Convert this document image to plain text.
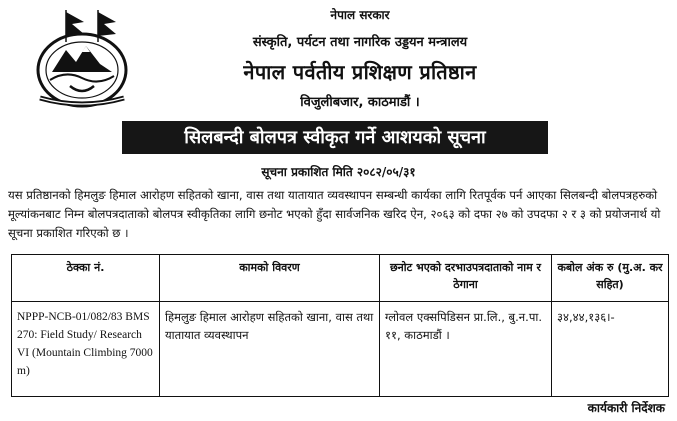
नेपाल सरकार
संस्कृति, पर्यटन तथा नागरिक उड्डयन मन्त्रालय
नेपाल पर्वतीय प्रशिक्षण प्रतिष्ठान
विजुलीबजार, काठमाडौं ।
सिलबन्दी बोलपत्र स्वीकृत गर्ने आशयको सूचना
सूचना प्रकाशित मिति २०८२/०५/३१

यस प्रतिष्ठानको हिमलुङ हिमाल आरोहण सहितको खाना, वास तथा यातायात व्यवस्थापन सम्बन्धी कार्यका लागि रितपूर्वक पर्न आएका सिलबन्दी बोलपत्रहरुको मूल्यांकनबाट निम्न बोलपत्रदाताको बोलपत्र स्वीकृतिका लागि छनोट भएको हुँदा सार्वजनिक खरिद ऐन, २०६३ को दफा २७ को उपदफा २ र ३ को प्रयोजनार्थ यो सूचना प्रकाशित गरिएको छ ।

ठेक्का नं.	कामको विवरण	छनोट भएको दरभाउपत्रदाताको नाम र ठेगाना	कबोल अंक रु (मु.अ. कर सहित)
NPPP-NCB-01/082/83 BMS 270: Field Study/ Research VI (Mountain Climbing 7000 m)	हिमलुङ हिमाल आरोहण सहितको खाना, वास तथा यातायात व्यवस्थापन	ग्लोवल एक्सपिडिसन प्रा.लि., बु.न.पा. ११, काठमाडौं ।	३४,४४,१३६।-
कार्यकारी निर्देशक
